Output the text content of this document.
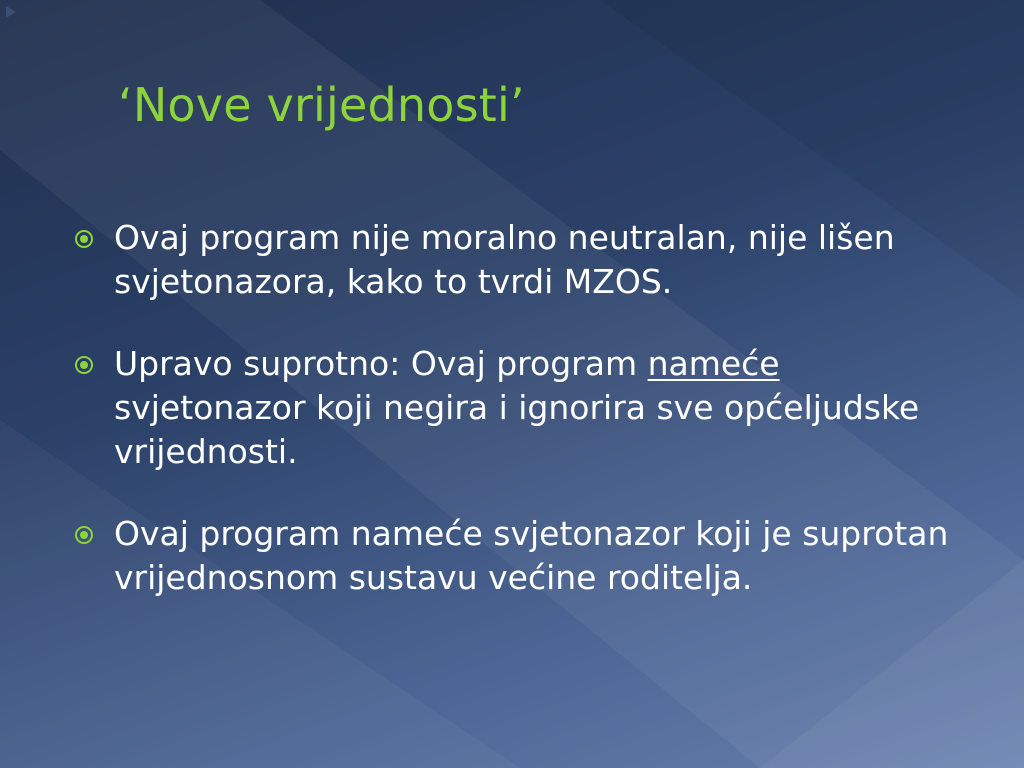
‘Nove vrijednosti’
Ovaj program nije moralno neutralan, nije lišen svjetonazora, kako to tvrdi MZOS.
Upravo suprotno: Ovaj program nameće svjetonazor koji negira i ignorira sve općeljudske vrijednosti.
Ovaj program nameće svjetonazor koji je suprotan vrijednosnom sustavu većine roditelja.
